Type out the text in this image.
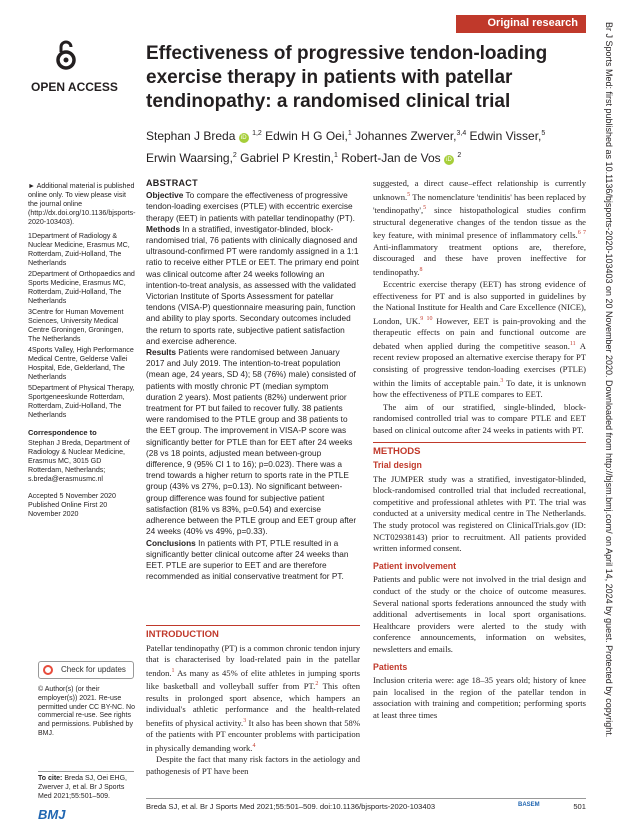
Original research	Br J Sports Med: first published as 10.1136/bjsports-2020-103403 on 20 November 2020. Downloaded from http://bjsm.bmj.com/ on April 14, 2024 by guest. Protected by copyright.
OPEN ACCESS
Effectiveness of progressive tendon-loading exercise therapy in patients with patellar tendinopathy: a randomised clinical trial
Stephan J Breda iD $^{1,2}$ Edwin H G Oei,$^1$ Johannes Zwerver,$^{3,4}$ Edwin Visser,$^5$
Erwin Waarsing,$^2$ Gabriel P Krestin,$^1$ Robert-Jan de Vos iD $^2$

► Additional material is published online only. To view please visit the journal online (http://dx.doi.org/10.1136/bjsports-2020-103403).

1Department of Radiology & Nuclear Medicine, Erasmus MC, Rotterdam, Zuid-Holland, The Netherlands

2Department of Orthopaedics and Sports Medicine, Erasmus MC, Rotterdam, Zuid-Holland, The Netherlands

3Centre for Human Movement Sciences, University Medical Centre Groningen, Groningen, The Netherlands

4Sports Valley, High Performance Medical Centre, Gelderse Vallei Hospital, Ede, Gelderland, The Netherlands

5Department of Physical Therapy, Sportgeneeskunde Rotterdam, Rotterdam, Zuid-Holland, The Netherlands

Correspondence to

Stephan J Breda, Department of Radiology & Nuclear Medicine, Erasmus MC, 3015 GD Rotterdam, Netherlands; s.breda@erasmusmc.nl

Accepted 5 November 2020

Published Online First 20 November 2020

ABSTRACT

Objective To compare the effectiveness of progressive tendon-loading exercises (PTLE) with eccentric exercise therapy (EET) in patients with patellar tendinopathy (PT).

Methods In a stratified, investigator-blinded, block-randomised trial, 76 patients with clinically diagnosed and ultrasound-confirmed PT were randomly assigned in a 1:1 ratio to receive either PTLE or EET. The primary end point was clinical outcome after 24 weeks following an intention-to-treat analysis, as assessed with the validated Victorian Institute of Sports Assessment for patellar tendons (VISA-P) questionnaire measuring pain, function and ability to play sports. Secondary outcomes included the return to sports rate, subjective patient satisfaction and exercise adherence.

Results Patients were randomised between January 2017 and July 2019. The intention-to-treat population (mean age, 24 years, SD 4); 58 (76%) male) consisted of patients with mostly chronic PT (median symptom duration 2 years). Most patients (82%) underwent prior treatment for PT but failed to recover fully. 38 patients were randomised to the PTLE group and 38 patients to the EET group. The improvement in VISA-P score was significantly better for PTLE than for EET after 24 weeks (28 vs 18 points, adjusted mean between-group difference, 9 (95% CI 1 to 16); p=0.023). There was a trend towards a higher return to sports rate in the PTLE group (43% vs 27%, p=0.13). No significant between-group difference was found for subjective patient satisfaction (81% vs 83%, p=0.54) and exercise adherence between the PTLE group and EET group after 24 weeks (40% vs 49%, p=0.33).

Conclusions In patients with PT, PTLE resulted in a significantly better clinical outcome after 24 weeks than EET. PTLE are superior to EET and are therefore recommended as initial conservative treatment for PT.

INTRODUCTION

Patellar tendinopathy (PT) is a common chronic tendon injury that is characterised by load-related pain in the patellar tendon.$^1$ As many as 45% of elite athletes in jumping sports like basketball and volleyball suffer from PT.$^2$ This often results in prolonged sport absence, which hampers an individual's athletic performance and the health-related benefits of physical activity.$^3$ It also has been shown that 58% of the patients with PT encounter problems with participation in physically demanding work.$^4$

Despite the fact that many risk factors in the aetiology and pathogenesis of PT have been

suggested, a direct cause–effect relationship is currently unknown.$^5$ The nomenclature 'tendinitis' has been replaced by 'tendinopathy',$^5$ since histopathological studies confirm structural degenerative changes of the tendon tissue as the key feature, with minimal presence of inflammatory cells.$^{6 7}$ Anti-inflammatory treatment options are, therefore, discouraged and these have proven ineffective for tendinopathy.$^8$

Eccentric exercise therapy (EET) has strong evidence of effectiveness for PT and is also supported in guidelines by the National Institute for Health and Care Excellence (NICE), London, UK.$^{9 10}$ However, EET is pain-provoking and the therapeutic effects on pain and functional outcome are debated when applied during the competitive season.$^{11}$ A recent review proposed an alternative exercise therapy for PT consisting of progressive tendon-loading exercises (PTLE) within the limits of acceptable pain.$^3$ To date, it is unknown how the effectiveness of PTLE compares to EET.

The aim of our stratified, single-blinded, block-randomised controlled trial was to compare PTLE and EET based on clinical outcome after 24 weeks in patients with PT.

METHODS
Trial design

The JUMPER study was a stratified, investigator-blinded, block-randomised controlled trial that included recreational, competitive and professional athletes with PT. The trial was conducted at a university medical centre in The Netherlands. The study protocol was registered on ClinicalTrials.gov (ID: NCT02938143) prior to recruitment. All patients provided written informed consent.

Patient involvement

Patients and public were not involved in the trial design and conduct of the study or the choice of outcome measures. Several national sports federations announced the study with additional advertisements in local sport organisations. Healthcare providers were alerted to the study with conference announcements, information on websites, newsletters and emails.

Patients

Inclusion criteria were: age 18–35 years old; history of knee pain localised in the region of the patellar tendon in association with training and competition; performing sports at least three times

Check for updates
© Author(s) (or their employer(s)) 2021. Re-use permitted under CC BY-NC. No commercial re-use. See rights and permissions. Published by BMJ.
To cite: Breda SJ, Oei EHG, Zwerver J, et al. Br J Sports Med 2021;55:501–509.
BMJ
Breda SJ, et al. Br J Sports Med 2021;55:501–509. doi:10.1136/bjsports-2020-103403	BASEM	501
